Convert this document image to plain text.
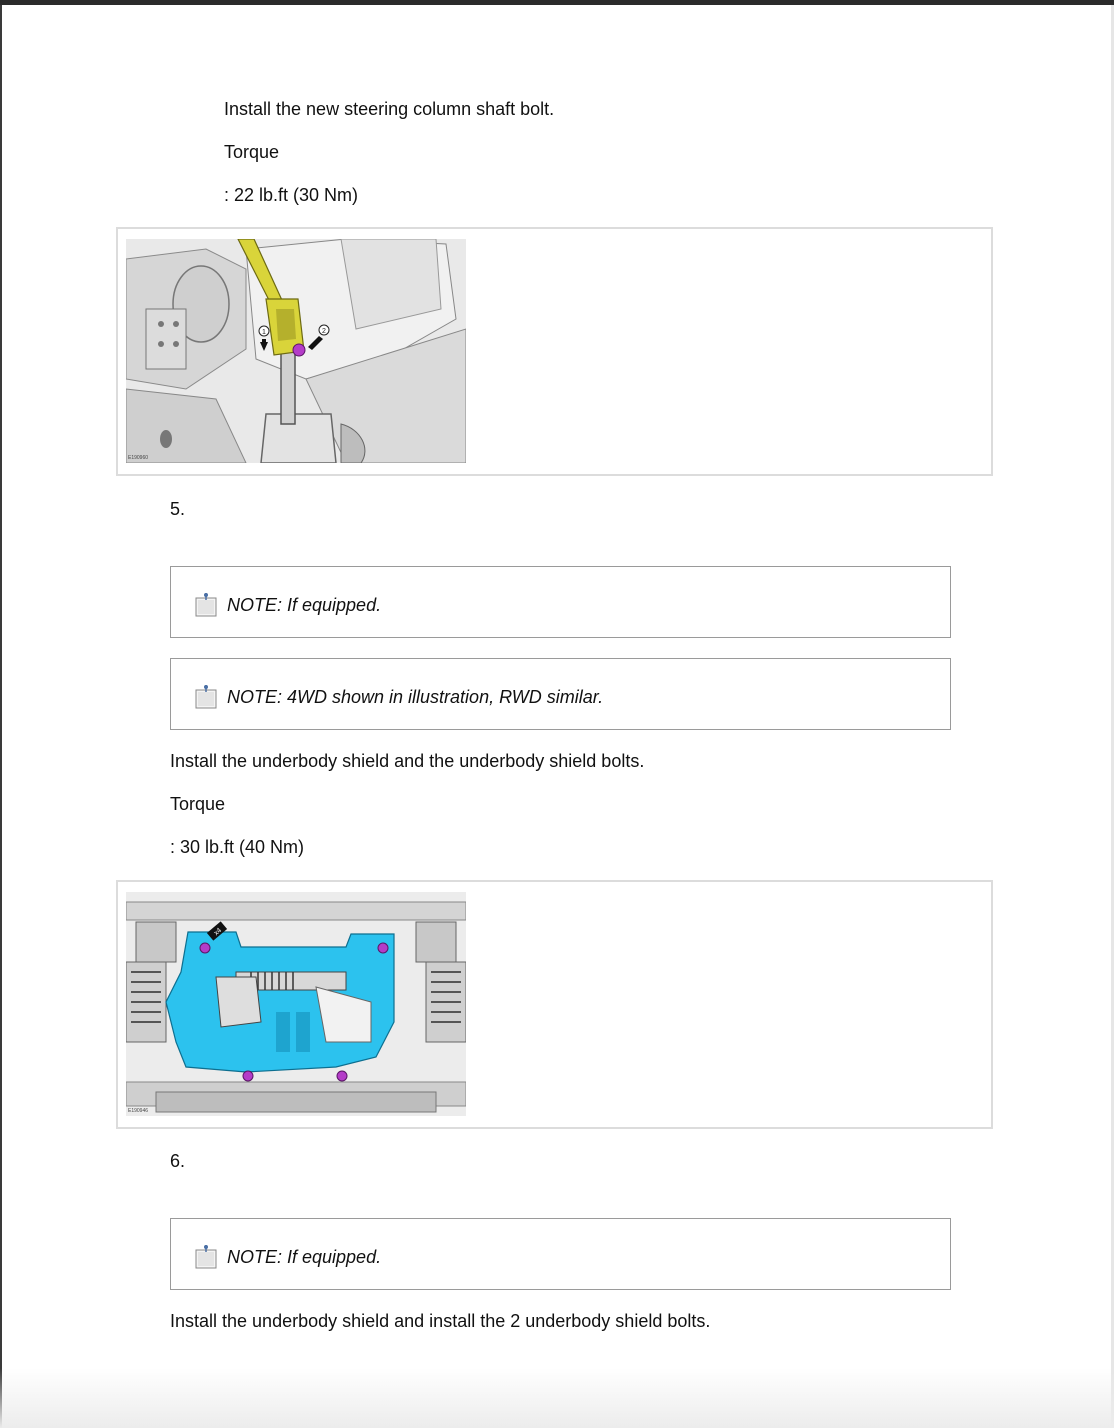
Install the new steering column shaft bolt.
Torque
: 22 lb.ft (30 Nm)
1	2
E190960
5.
NOTE: If equipped.
NOTE: 4WD shown in illustration, RWD similar.
Install the underbody shield and the underbody shield bolts.
Torque
: 30 lb.ft (40 Nm)
x4
E190946
6.
NOTE: If equipped.
Install the underbody shield and install the 2 underbody shield bolts.
